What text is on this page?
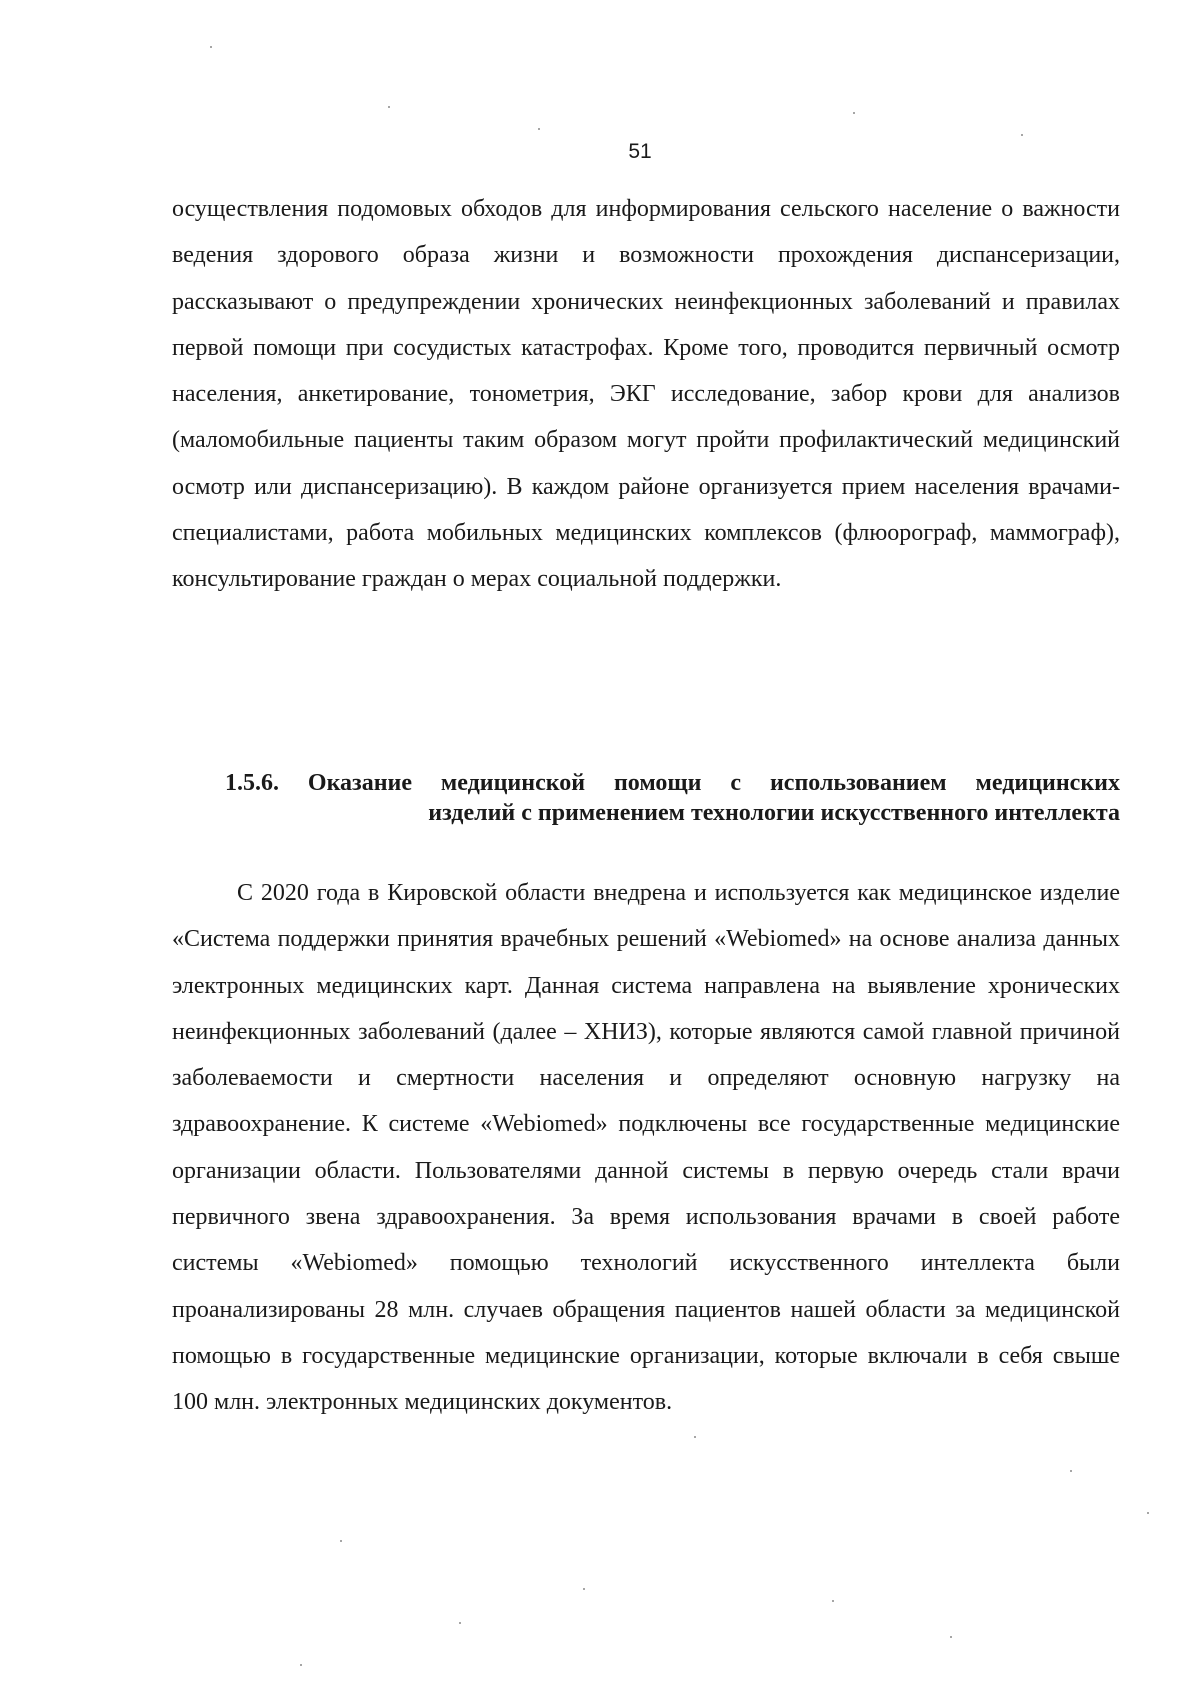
51

осуществления подомовых обходов для информирования сельского население о важности ведения здорового образа жизни и возможности прохождения диспансеризации, рассказывают о предупреждении хронических неинфекционных заболеваний и правилах первой помощи при сосудистых катастрофах. Кроме того, проводится первичный осмотр населения, анкетирование, тонометрия, ЭКГ исследование, забор крови для анализов (маломобильные пациенты таким образом могут пройти профилактический медицинский осмотр или диспансеризацию). В каждом районе организуется прием населения врачами-специалистами, работа мобильных медицинских комплексов (флюорограф, маммограф), консультирование граждан о мерах социальной поддержки.

1.5.6. Оказание медицинской помощи с использованием медицинских
изделий с применением технологии искусственного интеллекта

С 2020 года в Кировской области внедрена и используется как медицинское изделие «Система поддержки принятия врачебных решений «Webiomed» на основе анализа данных электронных медицинских карт. Данная система направлена на выявление хронических неинфекционных заболеваний (далее – ХНИЗ), которые являются самой главной причиной заболеваемости и смертности населения и определяют основную нагрузку на здравоохранение. К системе «Webiomed» подключены все государственные медицинские организации области. Пользователями данной системы в первую очередь стали врачи первичного звена здравоохранения. За время использования врачами в своей работе системы «Webiomed» помощью технологий искусственного интеллекта были проанализированы 28 млн. случаев обращения пациентов нашей области за медицинской помощью в государственные медицинские организации, которые включали в себя свыше 100 млн. электронных медицинских документов.
